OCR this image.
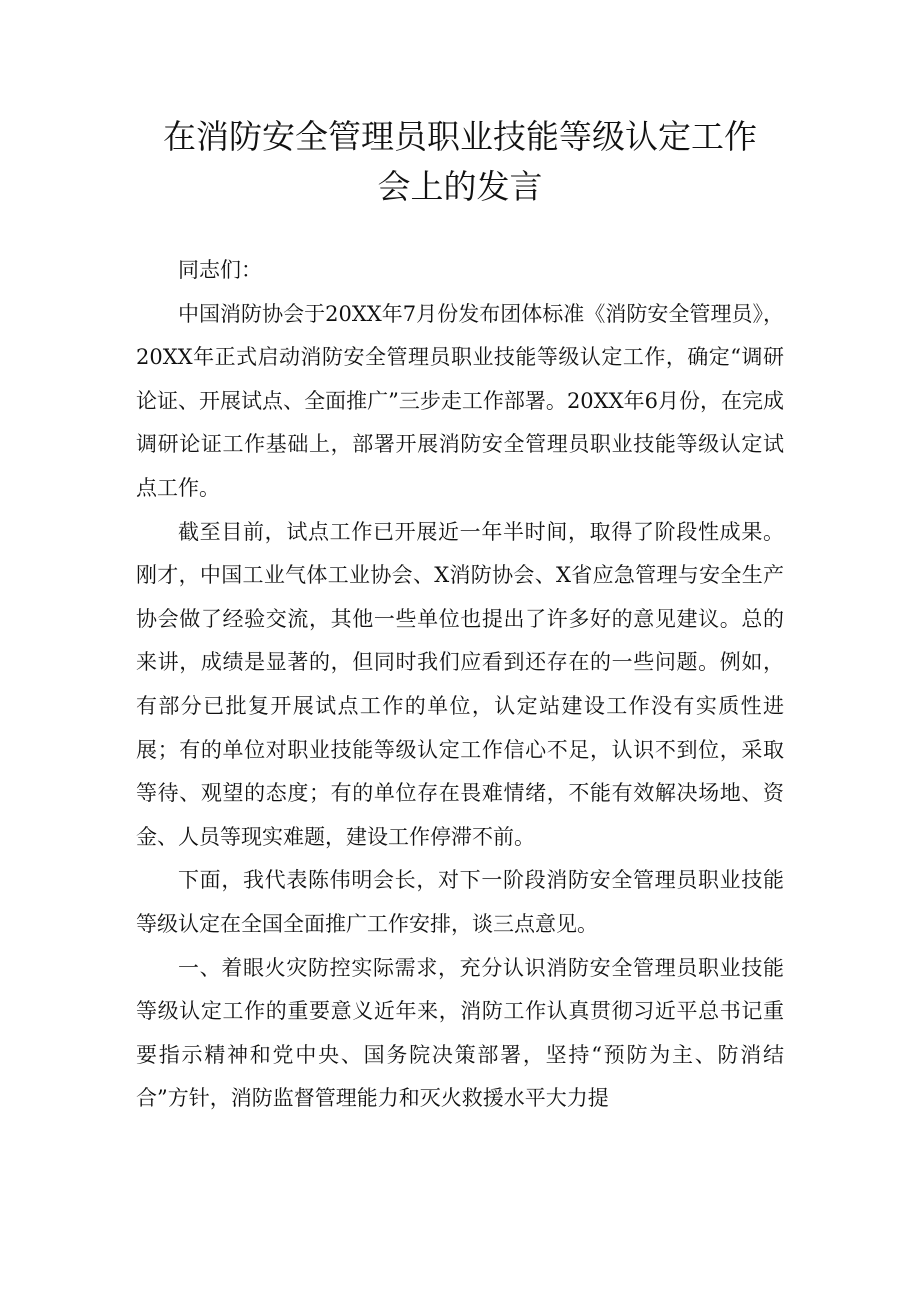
在消防安全管理员职业技能等级认定工作
会上的发言

同志们：

中国消防协会于20XX年7月份发布团体标准《消防安全管理员》，20XX年正式启动消防安全管理员职业技能等级认定工作，确定“调研论证、开展试点、全面推广”三步走工作部署。20XX年6月份，在完成调研论证工作基础上，部署开展消防安全管理员职业技能等级认定试点工作。

截至目前，试点工作已开展近一年半时间，取得了阶段性成果。刚才，中国工业气体工业协会、X消防协会、X省应急管理与安全生产协会做了经验交流，其他一些单位也提出了许多好的意见建议。总的来讲，成绩是显著的，但同时我们应看到还存在的一些问题。例如，有部分已批复开展试点工作的单位，认定站建设工作没有实质性进展；有的单位对职业技能等级认定工作信心不足，认识不到位，采取等待、观望的态度；有的单位存在畏难情绪，不能有效解决场地、资金、人员等现实难题，建设工作停滞不前。

下面，我代表陈伟明会长，对下一阶段消防安全管理员职业技能等级认定在全国全面推广工作安排，谈三点意见。

一、着眼火灾防控实际需求，充分认识消防安全管理员职业技能等级认定工作的重要意义近年来，消防工作认真贯彻习近平总书记重要指示精神和党中央、国务院决策部署，坚持“预防为主、防消结合”方针，消防监督管理能力和灭火救援水平大力提
